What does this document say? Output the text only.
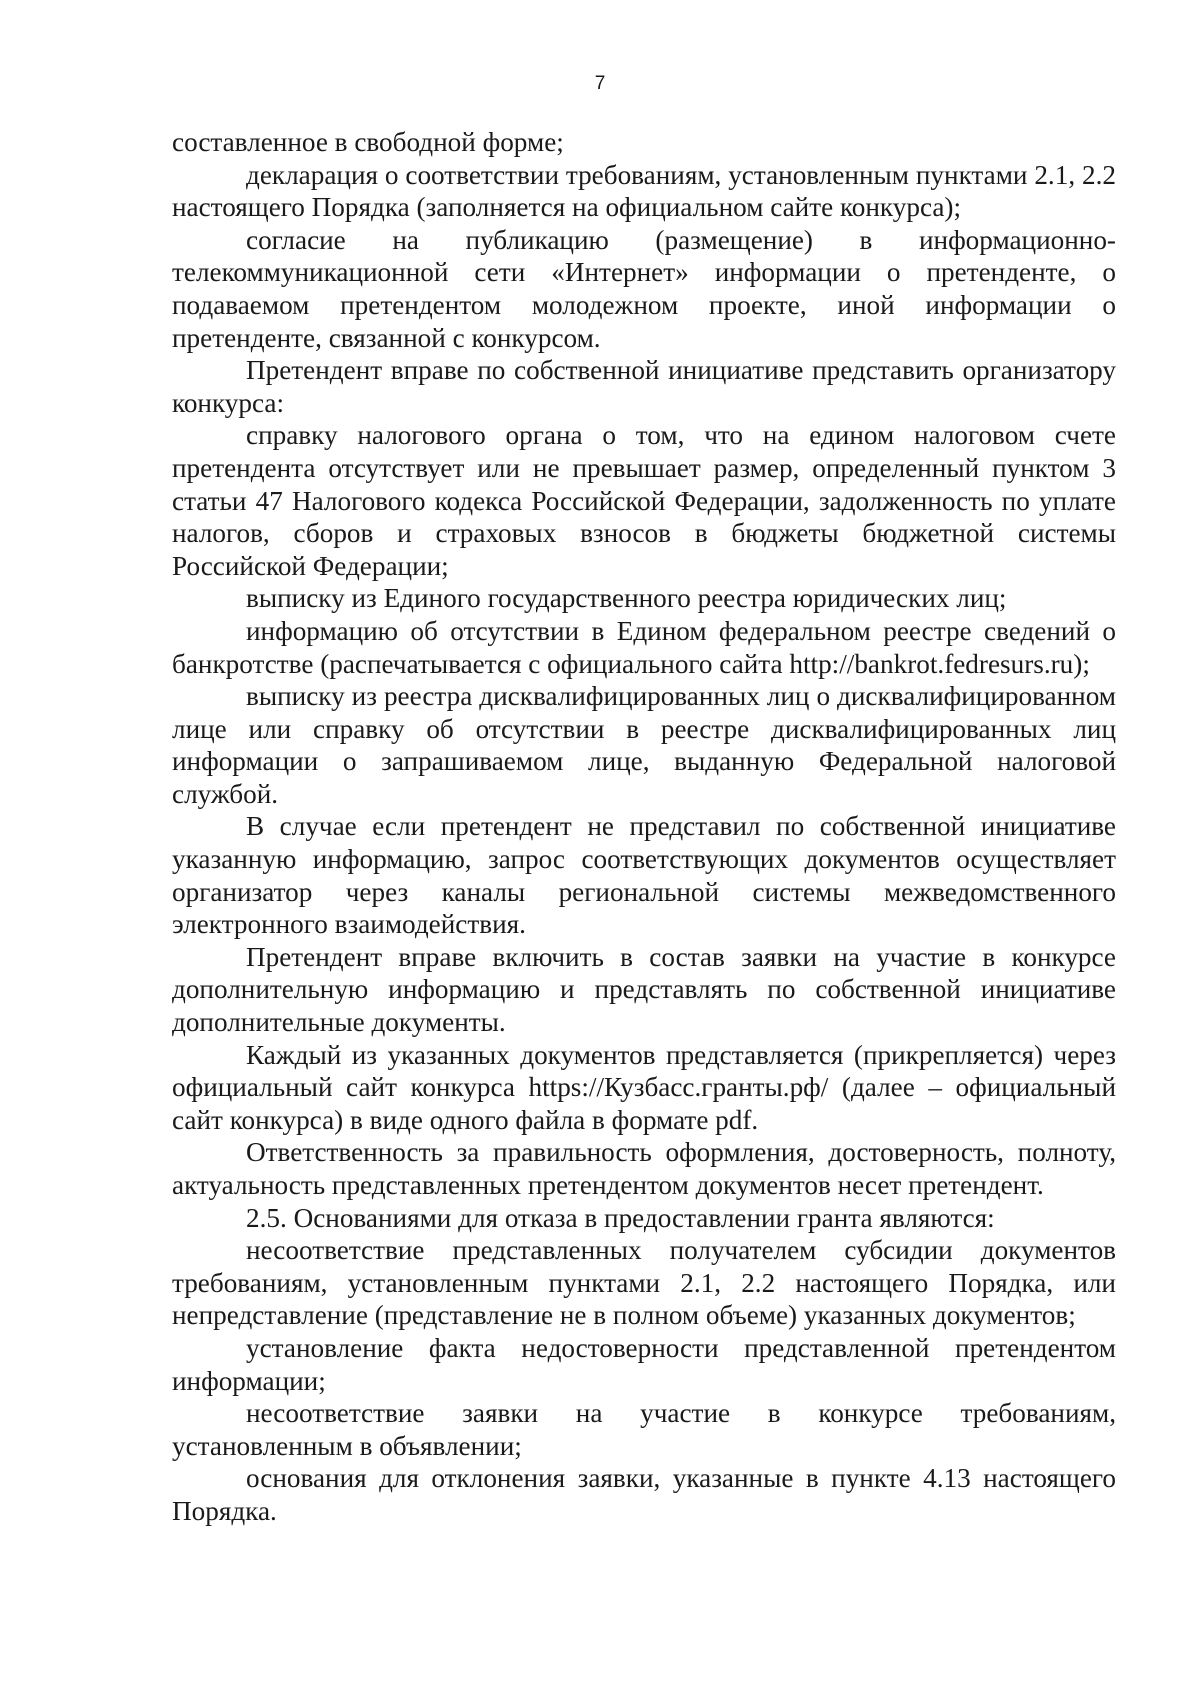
7

составленное в свободной форме;

декларация о соответствии требованиям, установленным пунктами 2.1, 2.2 настоящего Порядка (заполняется на официальном сайте конкурса);

согласие на публикацию (размещение) в информационно-телекоммуникационной сети «Интернет» информации о претенденте, о подаваемом претендентом молодежном проекте, иной информации о претенденте, связанной с конкурсом.

Претендент вправе по собственной инициативе представить организатору конкурса:

справку налогового органа о том, что на едином налоговом счете претендента отсутствует или не превышает размер, определенный пунктом 3 статьи 47 Налогового кодекса Российской Федерации, задолженность по уплате налогов, сборов и страховых взносов в бюджеты бюджетной системы Российской Федерации;

выписку из Единого государственного реестра юридических лиц;

информацию об отсутствии в Едином федеральном реестре сведений о банкротстве (распечатывается с официального сайта http://bankrot.fedresurs.ru);

выписку из реестра дисквалифицированных лиц о дисквалифицированном лице или справку об отсутствии в реестре дисквалифицированных лиц информации о запрашиваемом лице, выданную Федеральной налоговой службой.

В случае если претендент не представил по собственной инициативе указанную информацию, запрос соответствующих документов осуществляет организатор через каналы региональной системы межведомственного электронного взаимодействия.

Претендент вправе включить в состав заявки на участие в конкурсе дополнительную информацию и представлять по собственной инициативе дополнительные документы.

Каждый из указанных документов представляется (прикрепляется) через официальный сайт конкурса https://Кузбасс.гранты.рф/ (далее – официальный сайт конкурса) в виде одного файла в формате pdf.

Ответственность за правильность оформления, достоверность, полноту, актуальность представленных претендентом документов несет претендент.

2.5. Основаниями для отказа в предоставлении гранта являются:

несоответствие представленных получателем субсидии документов требованиям, установленным пунктами 2.1, 2.2 настоящего Порядка, или непредставление (представление не в полном объеме) указанных документов;

установление факта недостоверности представленной претендентом информации;

несоответствие заявки на участие в конкурсе требованиям, установленным в объявлении;

основания для отклонения заявки, указанные в пункте 4.13 настоящего Порядка.
